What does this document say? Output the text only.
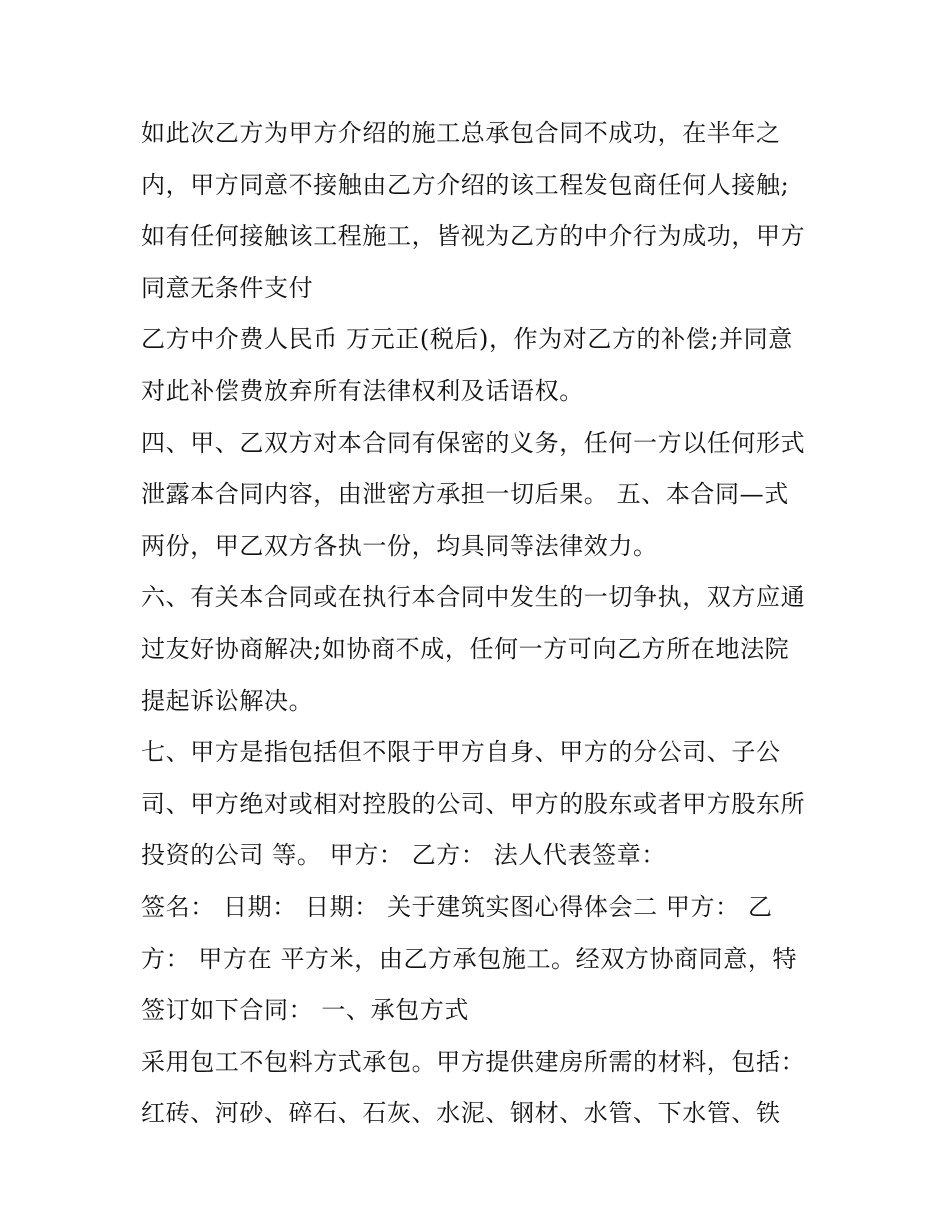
如此次乙方为甲方介绍的施工总承包合同不成功，在半年之
内，甲方同意不接触由乙方介绍的该工程发包商任何人接触;
如有任何接触该工程施工，皆视为乙方的中介行为成功，甲方
同意无条件支付
乙方中介费人民币 万元正(税后)，作为对乙方的补偿;并同意
对此补偿费放弃所有法律权利及话语权。
四、甲、乙双方对本合同有保密的义务，任何一方以任何形式
泄露本合同内容，由泄密方承担一切后果。 五、本合同—式
两份，甲乙双方各执一份，均具同等法律效力。
六、有关本合同或在执行本合同中发生的一切争执，双方应通
过友好协商解决;如协商不成，任何一方可向乙方所在地法院
提起诉讼解决。
七、甲方是指包括但不限于甲方自身、甲方的分公司、子公
司、甲方绝对或相对控股的公司、甲方的股东或者甲方股东所
投资的公司 等。 甲方： 乙方： 法人代表签章：
签名： 日期： 日期： 关于建筑实图心得体会二 甲方： 乙
方： 甲方在 平方米，由乙方承包施工。经双方协商同意，特
签订如下合同： 一、承包方式
采用包工不包料方式承包。甲方提供建房所需的材料，包括：
红砖、河砂、碎石、石灰、水泥、钢材、水管、下水管、铁
